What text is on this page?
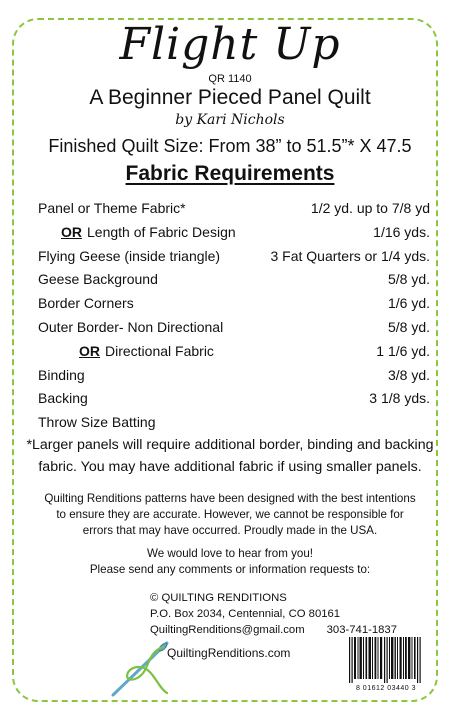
Flight Up
QR 1140
A Beginner Pieced Panel Quilt
by Kari Nichols
Finished Quilt Size: From 38” to 51.5”* X 47.5
Fabric Requirements
Panel or Theme Fabric*	1/2 yd. up to 7/8 yd
OR Length of Fabric Design	1/16 yds.
Flying Geese (inside triangle)	3 Fat Quarters or 1/4 yds.
Geese Background	5/8 yd.
Border Corners	1/6 yd.
Outer Border- Non Directional	5/8 yd.
OR Directional Fabric	1 1/6 yd.
Binding	3/8 yd.
Backing	3 1/8 yds.
Throw Size Batting
*Larger panels will require additional border, binding and backing fabric. You may have additional fabric if using smaller panels.
Quilting Renditions patterns have been designed with the best intentions to ensure they are accurate. However, we cannot be responsible for errors that may have occurred. Proudly made in the USA.
We would love to hear from you!
Please send any comments or information requests to:
© QUILTING RENDITIONS
P.O. Box 2034, Centennial, CO 80161
QuiltingRenditions@gmail.com 303-741-1837
QuiltingRenditions.com
8 01612 03440 3
